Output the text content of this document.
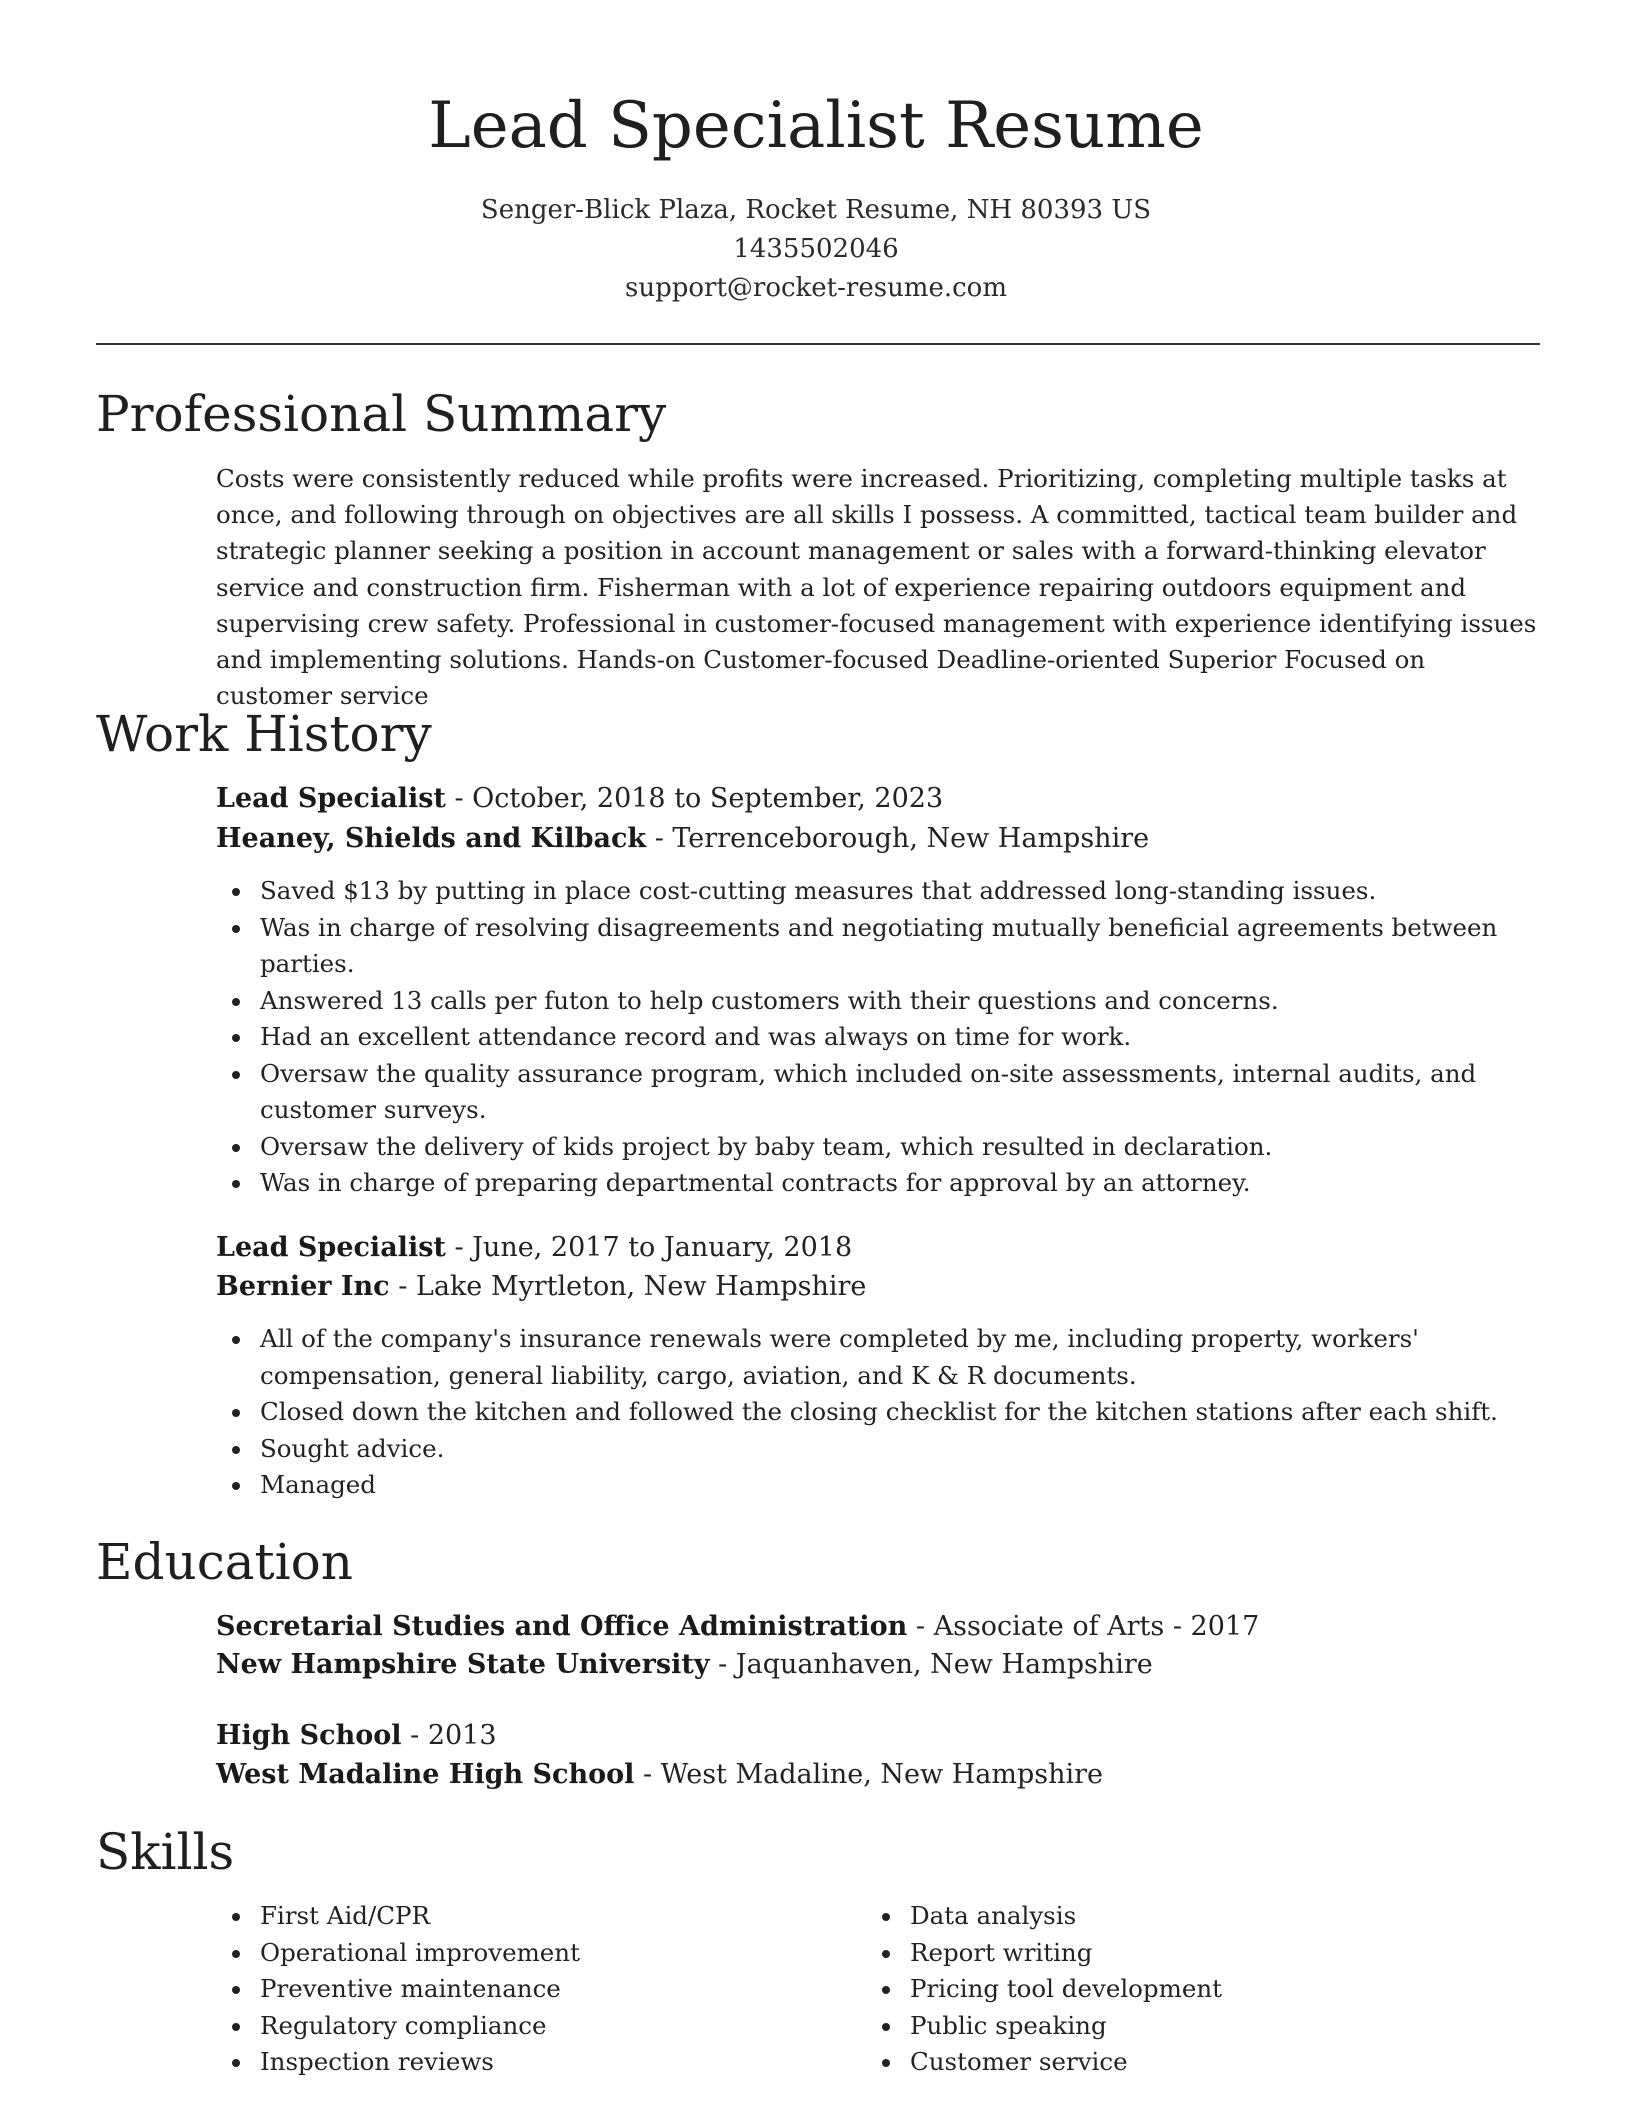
Lead Specialist Resume
Senger-Blick Plaza, Rocket Resume, NH 80393 US
1435502046
support@rocket-resume.com
Professional Summary

Costs were consistently reduced while profits were increased. Prioritizing, completing multiple tasks at once, and following through on objectives are all skills I possess. A committed, tactical team builder and strategic planner seeking a position in account management or sales with a forward-thinking elevator service and construction firm. Fisherman with a lot of experience repairing outdoors equipment and supervising crew safety. Professional in customer-focused management with experience identifying issues and implementing solutions. Hands-on Customer-focused Deadline-oriented Superior Focused on customer service

Work History
Lead Specialist - October, 2018 to September, 2023
Heaney, Shields and Kilback - Terrenceborough, New Hampshire
Saved $13 by putting in place cost-cutting measures that addressed long-standing issues.
Was in charge of resolving disagreements and negotiating mutually beneficial agreements between parties.
Answered 13 calls per futon to help customers with their questions and concerns.
Had an excellent attendance record and was always on time for work.
Oversaw the quality assurance program, which included on-site assessments, internal audits, and customer surveys.
Oversaw the delivery of kids project by baby team, which resulted in declaration.
Was in charge of preparing departmental contracts for approval by an attorney.
Lead Specialist - June, 2017 to January, 2018
Bernier Inc - Lake Myrtleton, New Hampshire
All of the company's insurance renewals were completed by me, including property, workers' compensation, general liability, cargo, aviation, and K & R documents.
Closed down the kitchen and followed the closing checklist for the kitchen stations after each shift.
Sought advice.
Managed
Education
Secretarial Studies and Office Administration - Associate of Arts - 2017
New Hampshire State University - Jaquanhaven, New Hampshire
High School - 2013
West Madaline High School - West Madaline, New Hampshire
Skills
First Aid/CPR
Operational improvement
Preventive maintenance
Regulatory compliance
Inspection reviews
Data analysis
Report writing
Pricing tool development
Public speaking
Customer service
